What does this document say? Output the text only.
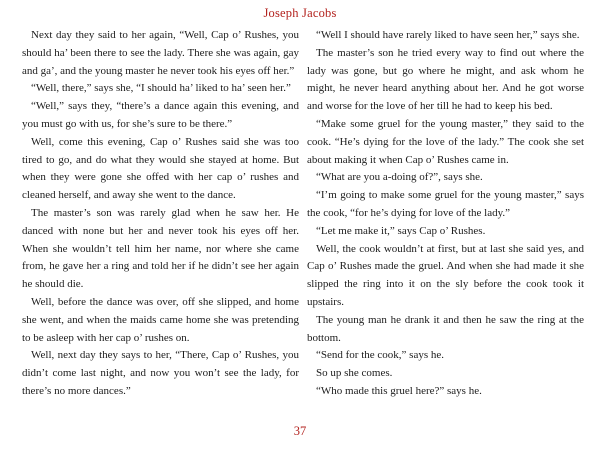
Joseph Jacobs

Next day they said to her again, “Well, Cap o’ Rushes, you should ha’ been there to see the lady. There she was again, gay and ga’, and the young master he never took his eyes off her.”

“Well, there,” says she, “I should ha’ liked to ha’ seen her.”

“Well,” says they, “there’s a dance again this evening, and you must go with us, for she’s sure to be there.”

Well, come this evening, Cap o’ Rushes said she was too tired to go, and do what they would she stayed at home. But when they were gone she offed with her cap o’ rushes and cleaned herself, and away she went to the dance.

The master’s son was rarely glad when he saw her. He danced with none but her and never took his eyes off her. When she wouldn’t tell him her name, nor where she came from, he gave her a ring and told her if he didn’t see her again he should die.

Well, before the dance was over, off she slipped, and home she went, and when the maids came home she was pretending to be asleep with her cap o’ rushes on.

Well, next day they says to her, “There, Cap o’ Rushes, you didn’t come last night, and now you won’t see the lady, for there’s no more dances.”

“Well I should have rarely liked to have seen her,” says she.

The master’s son he tried every way to find out where the lady was gone, but go where he might, and ask whom he might, he never heard anything about her. And he got worse and worse for the love of her till he had to keep his bed.

“Make some gruel for the young master,” they said to the cook. “He’s dying for the love of the lady.” The cook she set about making it when Cap o’ Rushes came in.

“What are you a-doing of?”, says she.

“I’m going to make some gruel for the young master,” says the cook, “for he’s dying for love of the lady.”

“Let me make it,” says Cap o’ Rushes.

Well, the cook wouldn’t at first, but at last she said yes, and Cap o’ Rushes made the gruel. And when she had made it she slipped the ring into it on the sly before the cook took it upstairs.

The young man he drank it and then he saw the ring at the bottom.

“Send for the cook,” says he.

So up she comes.

“Who made this gruel here?” says he.

37
